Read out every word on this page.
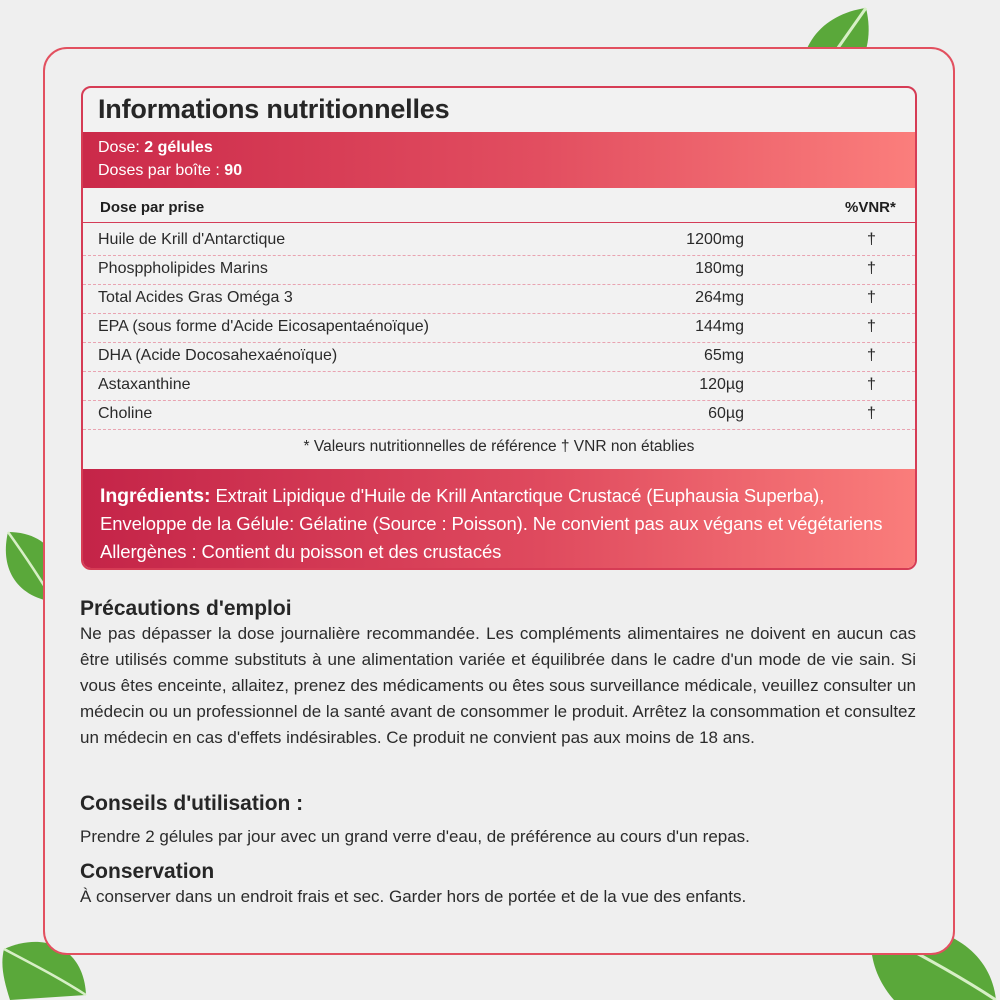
Informations nutritionnelles
Dose: 2 gélules
Doses par boîte : 90
Dose par prise	%VNR*
Huile de Krill d'Antarctique	1200mg	†
Phosppholipides Marins	180mg	†
Total Acides Gras Oméga 3	264mg	†
EPA (sous forme d'Acide Eicosapentaénoïque)	144mg	†
DHA (Acide Docosahexaénoïque)	65mg	†
Astaxanthine	120µg	†
Choline	60µg	†
* Valeurs nutritionnelles de référence † VNR non établies
Ingrédients: Extrait Lipidique d'Huile de Krill Antarctique Crustacé (Euphausia Superba), Enveloppe de la Gélule: Gélatine (Source : Poisson). Ne convient pas aux végans et végétariens Allergènes : Contient du poisson et des crustacés
Précautions d'emploi

Ne pas dépasser la dose journalière recommandée. Les compléments alimentaires ne doivent en aucun cas être utilisés comme substituts à une alimentation variée et équilibrée dans le cadre d'un mode de vie sain. Si vous êtes enceinte, allaitez, prenez des médicaments ou êtes sous surveillance médicale, veuillez consulter un médecin ou un professionnel de la santé avant de consommer le produit. Arrêtez la consommation et consultez un médecin en cas d'effets indésirables. Ce produit ne convient pas aux moins de 18 ans.

Conseils d'utilisation :

Prendre 2 gélules par jour avec un grand verre d'eau, de préférence au cours d'un repas.

Conservation

À conserver dans un endroit frais et sec. Garder hors de portée et de la vue des enfants.
